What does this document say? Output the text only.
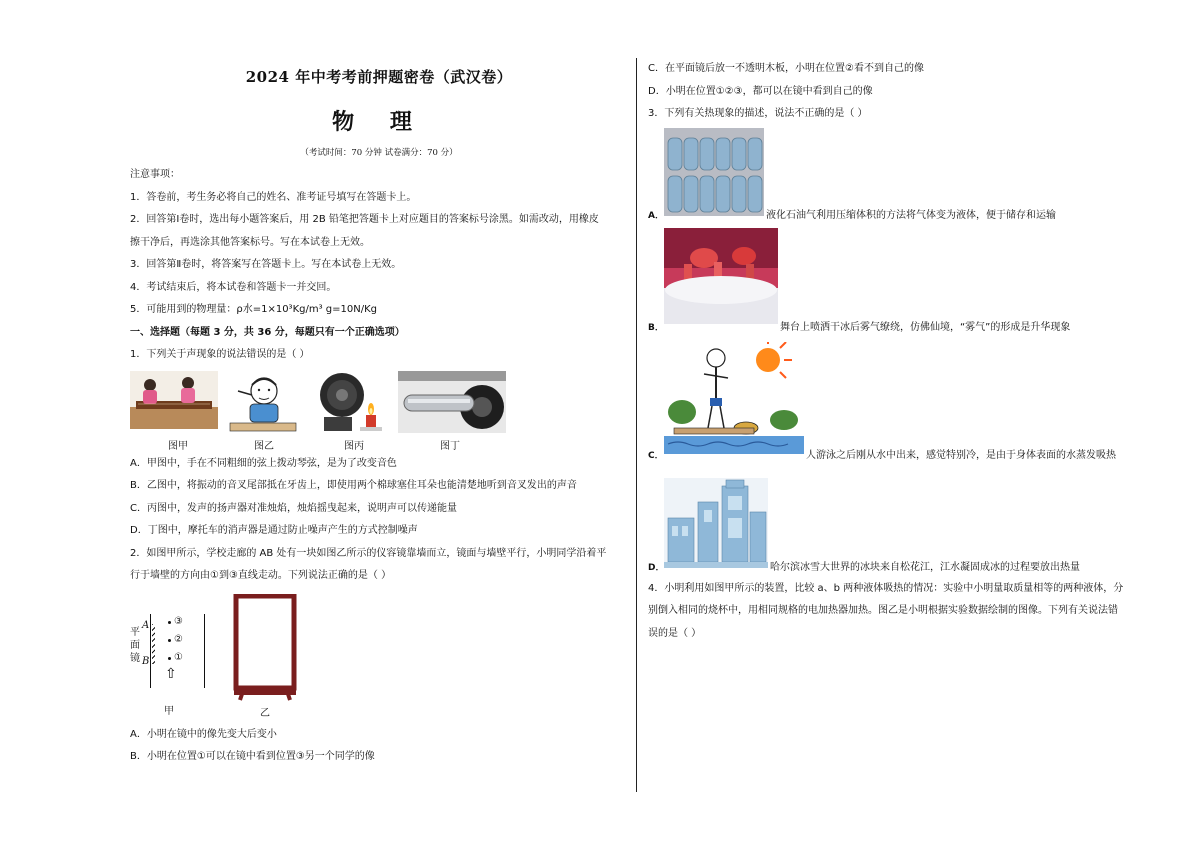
2024 年中考考前押题密卷（武汉卷）
物 理
（考试时间：70 分钟 试卷满分：70 分）
注意事项：
1．答卷前，考生务必将自己的姓名、准考证号填写在答题卡上。
2．回答第Ⅰ卷时，选出每小题答案后，用 2B 铅笔把答题卡上对应题目的答案标号涂黑。如需改动，用橡皮
擦干净后，再选涂其他答案标号。写在本试卷上无效。
3．回答第Ⅱ卷时，将答案写在答题卡上。写在本试卷上无效。
4．考试结束后，将本试卷和答题卡一并交回。
5．可能用到的物理量：ρ水=1×10³Kg/m³ g=10N/Kg
一、选择题（每题 3 分，共 36 分，每题只有一个正确选项）
1．下列关于声现象的说法错误的是（ ）
图甲	图乙	图丙	图丁
A．甲图中，手在不同粗细的弦上拨动琴弦，是为了改变音色
B．乙图中，将振动的音叉尾部抵在牙齿上，即使用两个棉球塞住耳朵也能清楚地听到音叉发出的声音
C．丙图中，发声的扬声器对准烛焰，烛焰摇曳起来，说明声可以传递能量
D．丁图中，摩托车的消声器是通过防止噪声产生的方式控制噪声
2．如图甲所示，学校走廊的 AB 处有一块如图乙所示的仪容镜靠墙而立，镜面与墙壁平行，小明同学沿着平
行于墙壁的方向由①到③直线走动。下列说法正确的是（ ）
平面镜
A
B
③
②
①
⇧
甲	乙
A．小明在镜中的像先变大后变小
B．小明在位置①可以在镜中看到位置③另一个同学的像
C．在平面镜后放一不透明木板，小明在位置②看不到自己的像
D．小明在位置①②③，都可以在镜中看到自己的像
3．下列有关热现象的描述，说法不正确的是（ ）
A．	液化石油气利用压缩体积的方法将气体变为液体，便于储存和运输
B．	舞台上喷洒干冰后雾气缭绕，仿佛仙境，“雾气”的形成是升华现象
C．	人游泳之后刚从水中出来，感觉特别冷，是由于身体表面的水蒸发吸热
D．	哈尔滨冰雪大世界的冰块来自松花江，江水凝固成冰的过程要放出热量
4．小明利用如图甲所示的装置，比较 a、b 两种液体吸热的情况：实验中小明量取质量相等的两种液体，分
别倒入相同的烧杯中，用相同规格的电加热器加热。图乙是小明根据实验数据绘制的图像。下列有关说法错
误的是（ ）
